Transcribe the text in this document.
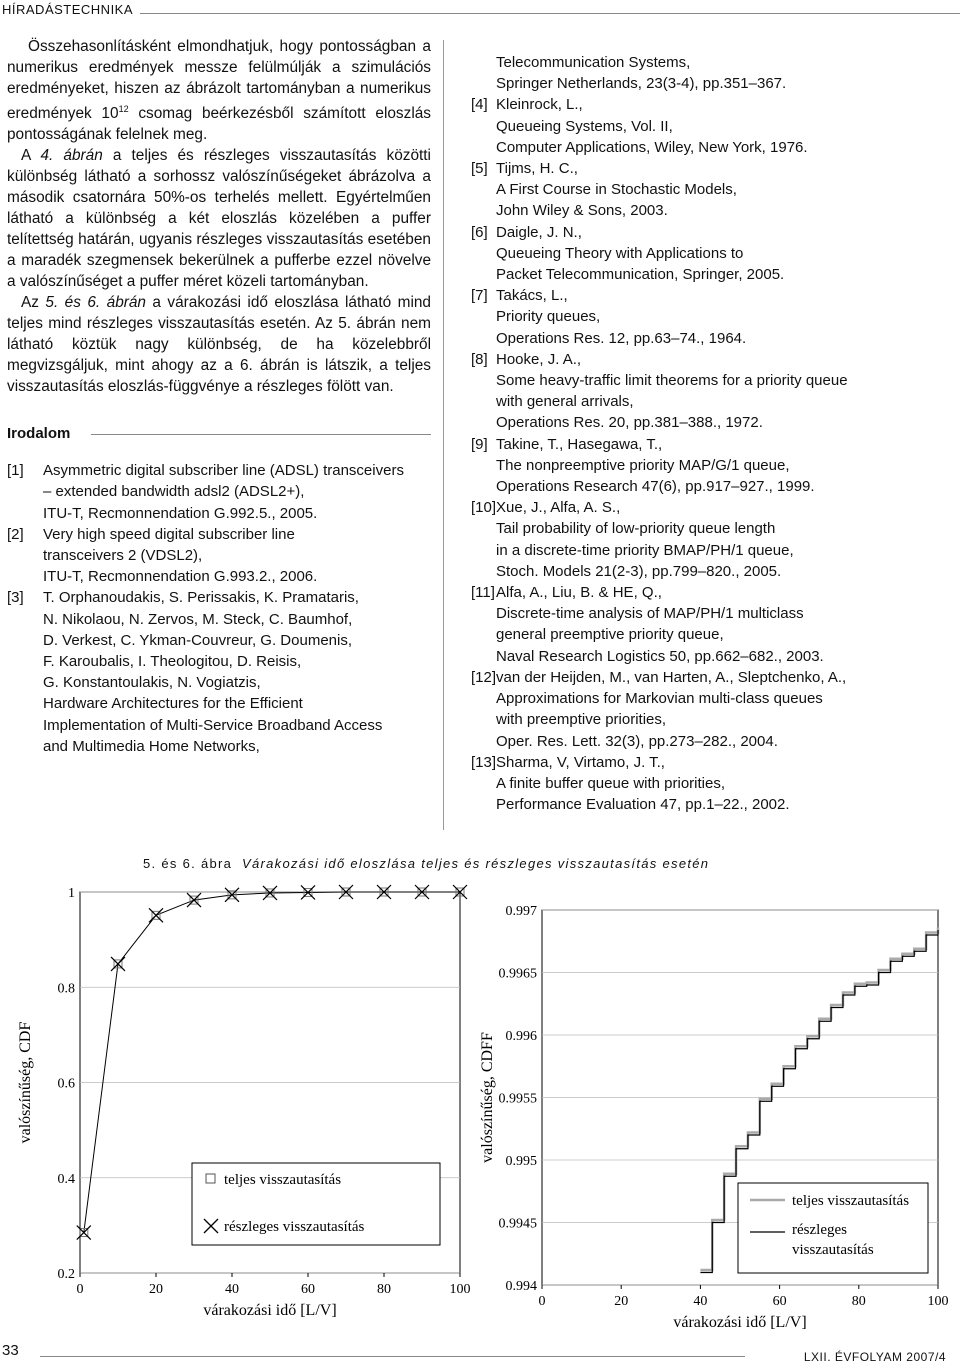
HÍRADÁSTECHNIKA

Összehasonlításként elmondhatjuk, hogy pontosságban a numerikus eredmények messze felülmúlják a szimulációs eredményeket, hiszen az ábrázolt tartományban a numerikus eredmények $10^{12}$ csomag beérkezésből számított eloszlás pontosságának felelnek meg.

A 4. ábrán a teljes és részleges visszautasítás közötti különbség látható a sorhossz valószínűségeket ábrázolva a második csatornára 50%-os terhelés mellett. Egyértelműen látható a különbség a két eloszlás közelében a puffer telítettség határán, ugyanis részleges visszautasítás esetében a maradék szegmensek bekerülnek a pufferbe ezzel növelve a valószínűséget a puffer méret közeli tartományban.

Az 5. és 6. ábrán a várakozási idő eloszlása látható mind teljes mind részleges visszautasítás esetén. Az 5. ábrán nem látható köztük nagy különbség, de ha közelebbről megvizsgáljuk, mint ahogy az a 6. ábrán is látszik, a teljes visszautasítás eloszlás-függvénye a részleges fölött van.

Irodalom
[1] Asymmetric digital subscriber line (ADSL) transceivers
– extended bandwidth adsl2 (ADSL2+),
ITU-T, Recmonnendation G.992.5., 2005.
[2] Very high speed digital subscriber line
transceivers 2 (VDSL2),
ITU-T, Recmonnendation G.993.2., 2006.
[3] T. Orphanoudakis, S. Perissakis, K. Pramataris,
N. Nikolaou, N. Zervos, M. Steck, C. Baumhof,
D. Verkest, C. Ykman-Couvreur, G. Doumenis,
F. Karoubalis, I. Theologitou, D. Reisis,
G. Konstantoulakis, N. Vogiatzis,
Hardware Architectures for the Efficient
Implementation of Multi-Service Broadband Access
and Multimedia Home Networks,
Telecommunication Systems,
Springer Netherlands, 23(3-4), pp.351–367.
[4] Kleinrock, L.,
Queueing Systems, Vol. II,
Computer Applications, Wiley, New York, 1976.
[5] Tijms, H. C.,
A First Course in Stochastic Models,
John Wiley & Sons, 2003.
[6] Daigle, J. N.,
Queueing Theory with Applications to
Packet Telecommunication, Springer, 2005.
[7] Takács, L.,
Priority queues,
Operations Res. 12, pp.63–74., 1964.
[8] Hooke, J. A.,
Some heavy-traffic limit theorems for a priority queue
with general arrivals,
Operations Res. 20, pp.381–388., 1972.
[9] Takine, T., Hasegawa, T.,
The nonpreemptive priority MAP/G/1 queue,
Operations Research 47(6), pp.917–927., 1999.
[10] Xue, J., Alfa, A. S.,
Tail probability of low-priority queue length
in a discrete-time priority BMAP/PH/1 queue,
Stoch. Models 21(2-3), pp.799–820., 2005.
[11] Alfa, A., Liu, B. & HE, Q.,
Discrete-time analysis of MAP/PH/1 multiclass
general preemptive priority queue,
Naval Research Logistics 50, pp.662–682., 2003.
[12] van der Heijden, M., van Harten, A., Sleptchenko, A.,
Approximations for Markovian multi-class queues
with preemptive priorities,
Oper. Res. Lett. 32(3), pp.273–282., 2004.
[13] Sharma, V, Virtamo, J. T.,
A finite buffer queue with priorities,
Performance Evaluation 47, pp.1–22., 2002.
5. és 6. ábra Várakozási idő eloszlása teljes és részleges visszautasítás esetén
0.2
0.4
0.6
0.8
1
0	20	40	60	80	100
várakozási idő [L/V]
valószínűség, CDF
teljes visszautasítás
részleges visszautasítás
0.994
0.9945
0.995
0.9955
0.996
0.9965
0.997
0	20	40	60	80	100
várakozási idő [L/V]
valószínűség, CDFF
teljes visszautasítás
részleges
visszautasítás
33	LXII. ÉVFOLYAM 2007/4
